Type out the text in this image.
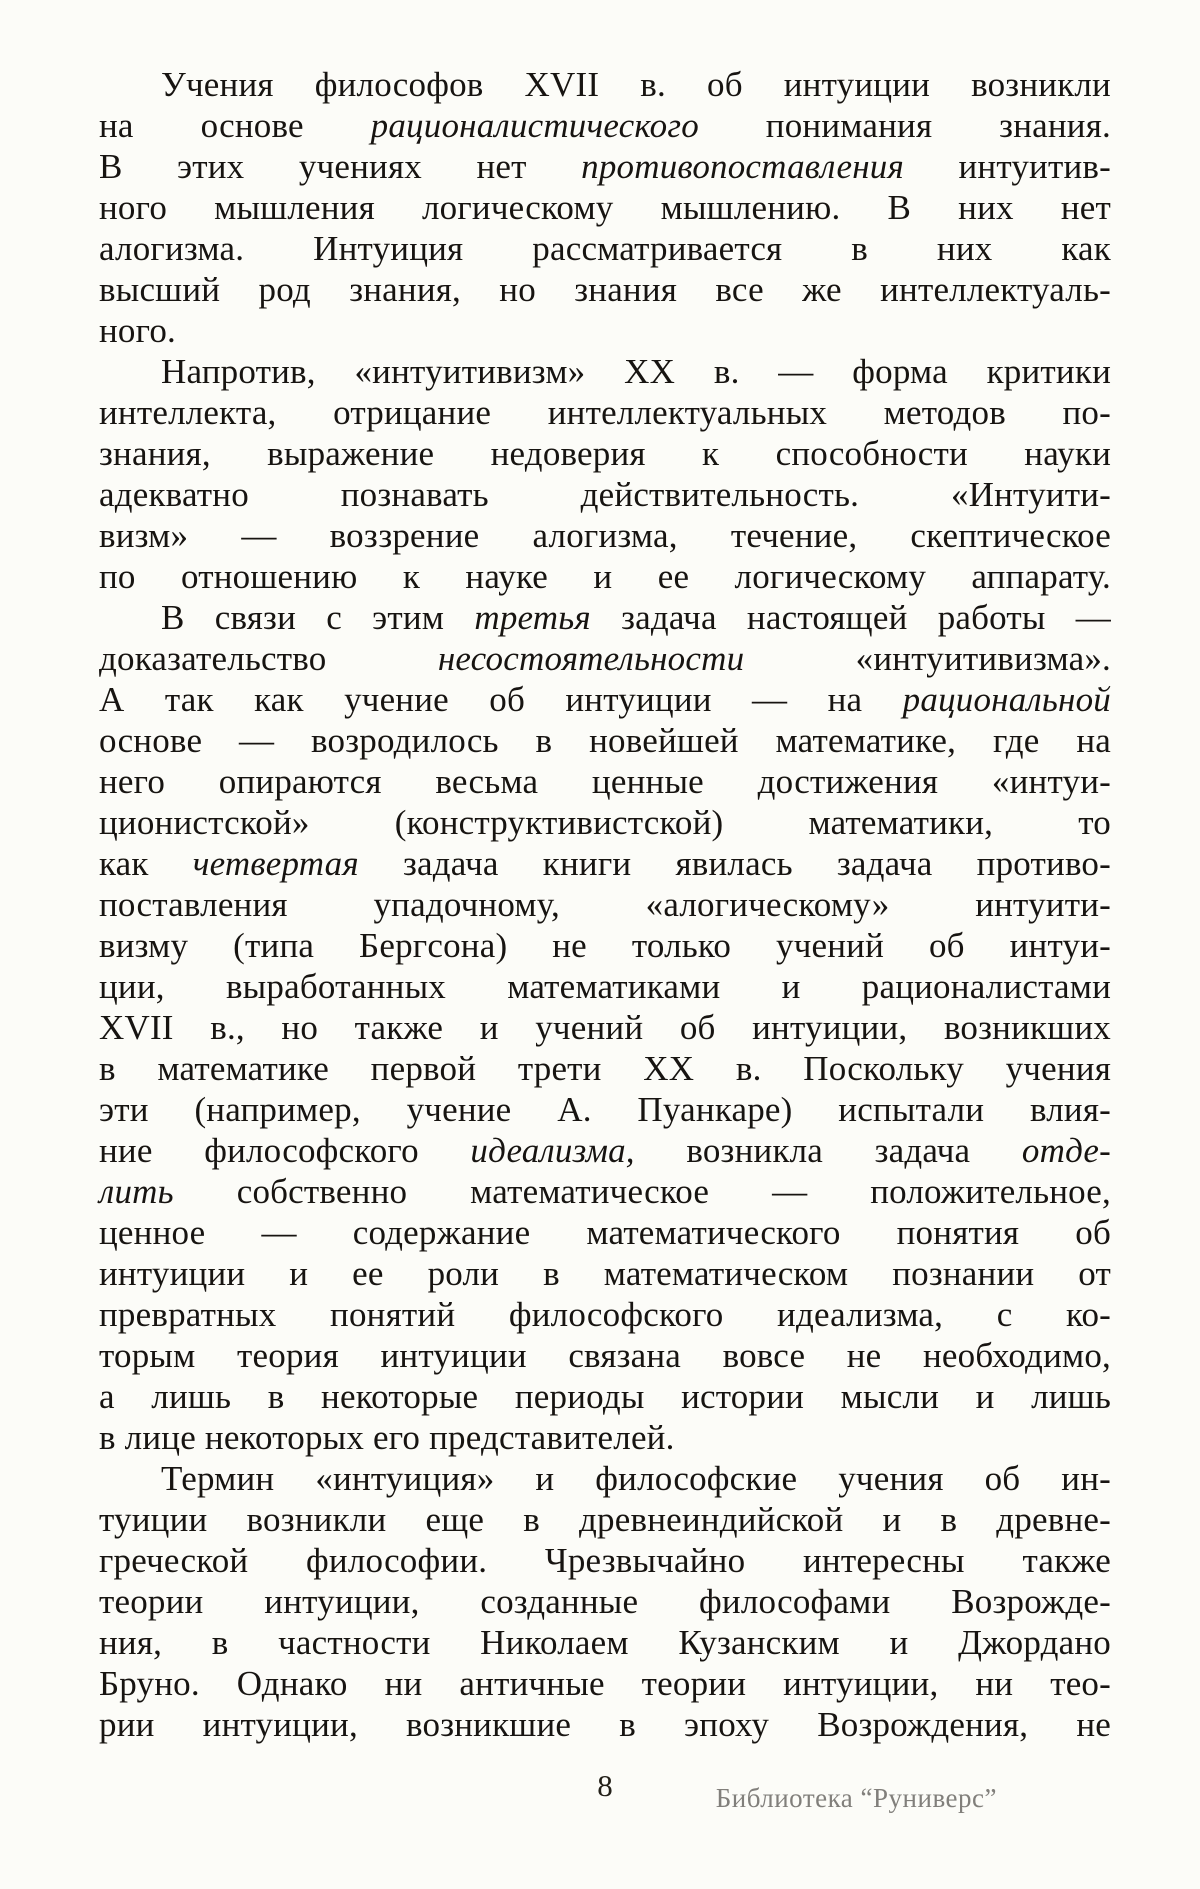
Учения философов XVII в. об интуиции возникли
на основе рационалистического понимания знания.
В этих учениях нет противопоставления интуитив-
ного мышления логическому мышлению. В них нет
алогизма. Интуиция рассматривается в них как
высший род знания, но знания все же интеллектуаль-
ного.
Напротив, «интуитивизм» XX в. — форма критики
интеллекта, отрицание интеллектуальных методов по-
знания, выражение недоверия к способности науки
адекватно познавать действительность. «Интуити-
визм» — воззрение алогизма, течение, скептическое
по отношению к науке и ее логическому аппарату.
В связи с этим третья задача настоящей работы —
доказательство несостоятельности «интуитивизма».
А так как учение об интуиции — на рациональной
основе — возродилось в новейшей математике, где на
него опираются весьма ценные достижения «интуи-
ционистской» (конструктивистской) математики, то
как четвертая задача книги явилась задача противо-
поставления упадочному, «алогическому» интуити-
визму (типа Бергсона) не только учений об интуи-
ции, выработанных математиками и рационалистами
XVII в., но также и учений об интуиции, возникших
в математике первой трети XX в. Поскольку учения
эти (например, учение А. Пуанкаре) испытали влия-
ние философского идеализма, возникла задача отде-
лить собственно математическое — положительное,
ценное — содержание математического понятия об
интуиции и ее роли в математическом познании от
превратных понятий философского идеализма, с ко-
торым теория интуиции связана вовсе не необходимо,
а лишь в некоторые периоды истории мысли и лишь
в лице некоторых его представителей.
Термин «интуиция» и философские учения об ин-
туиции возникли еще в древнеиндийской и в древне-
греческой философии. Чрезвычайно интересны также
теории интуиции, созданные философами Возрожде-
ния, в частности Николаем Кузанским и Джордано
Бруно. Однако ни античные теории интуиции, ни тео-
рии интуиции, возникшие в эпоху Возрождения, не
8	Библиотека “Руниверс”
